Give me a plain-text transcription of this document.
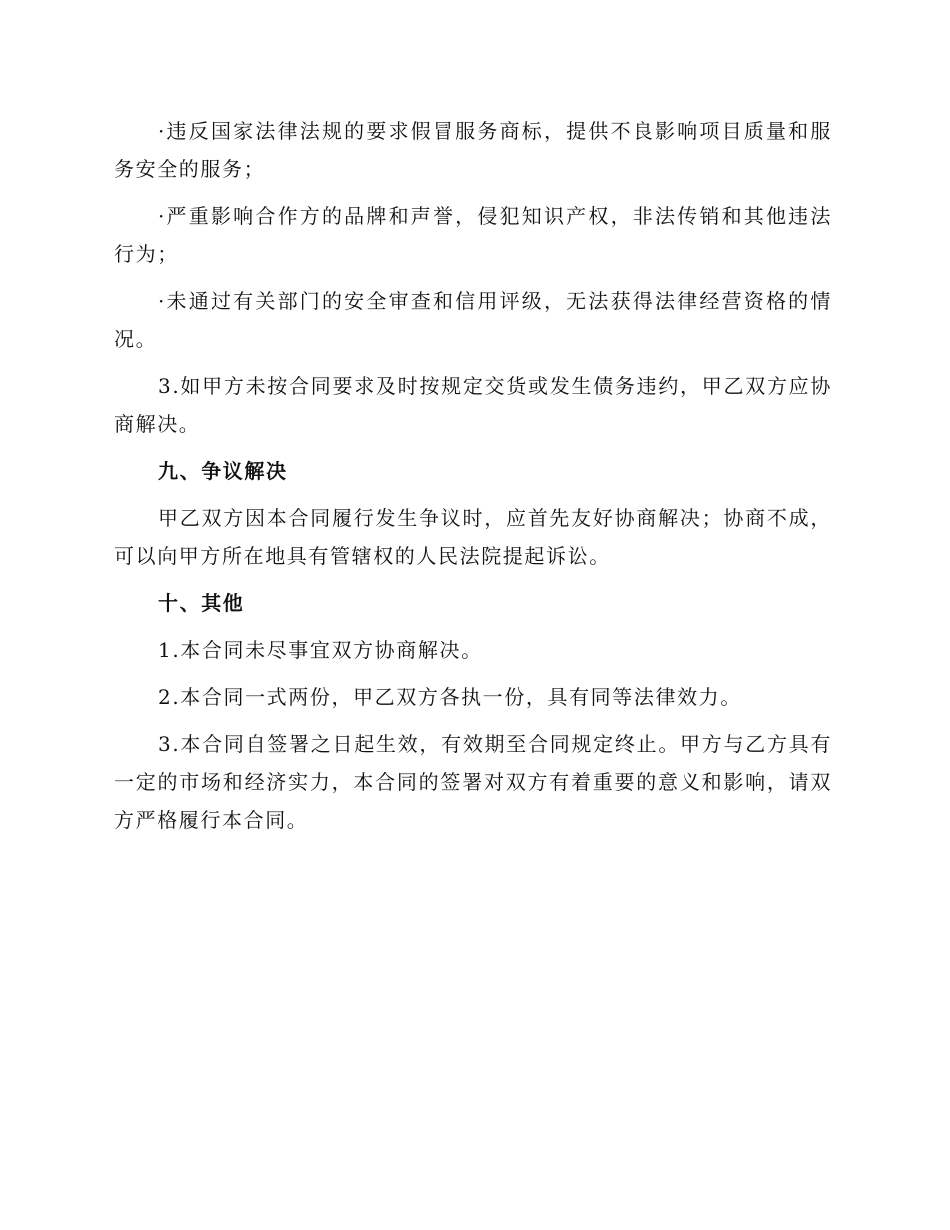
·违反国家法律法规的要求假冒服务商标，提供不良影响项目质量和服务安全的服务；

·严重影响合作方的品牌和声誉，侵犯知识产权，非法传销和其他违法行为；

·未通过有关部门的安全审查和信用评级，无法获得法律经营资格的情况。

3.如甲方未按合同要求及时按规定交货或发生债务违约，甲乙双方应协商解决。

九、争议解决

甲乙双方因本合同履行发生争议时，应首先友好协商解决；协商不成，可以向甲方所在地具有管辖权的人民法院提起诉讼。

十、其他

1.本合同未尽事宜双方协商解决。

2.本合同一式两份，甲乙双方各执一份，具有同等法律效力。

3.本合同自签署之日起生效，有效期至合同规定终止。甲方与乙方具有一定的市场和经济实力，本合同的签署对双方有着重要的意义和影响，请双方严格履行本合同。
